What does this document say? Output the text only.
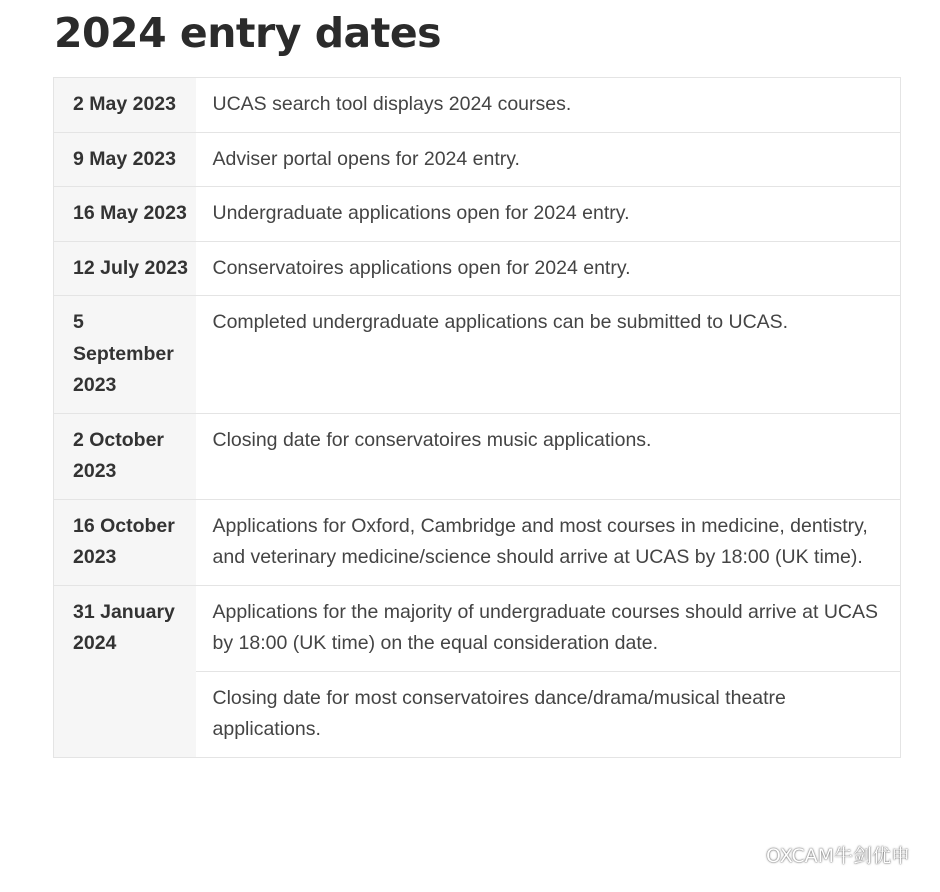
2024 entry dates
2 May 2023	UCAS search tool displays 2024 courses.
9 May 2023	Adviser portal opens for 2024 entry.
16 May 2023	Undergraduate applications open for 2024 entry.
12 July 2023	Conservatoires applications open for 2024 entry.
5 September 2023	Completed undergraduate applications can be submitted to UCAS.
2 October 2023	Closing date for conservatoires music applications.
16 October 2023	Applications for Oxford, Cambridge and most courses in medicine, dentistry, and veterinary medicine/science should arrive at UCAS by 18:00 (UK time).
31 January 2024	Applications for the majority of undergraduate courses should arrive at UCAS by 18:00 (UK time) on the equal consideration date.
	Closing date for most conservatoires dance/drama/musical theatre applications.
OXCAM牛剑优申
